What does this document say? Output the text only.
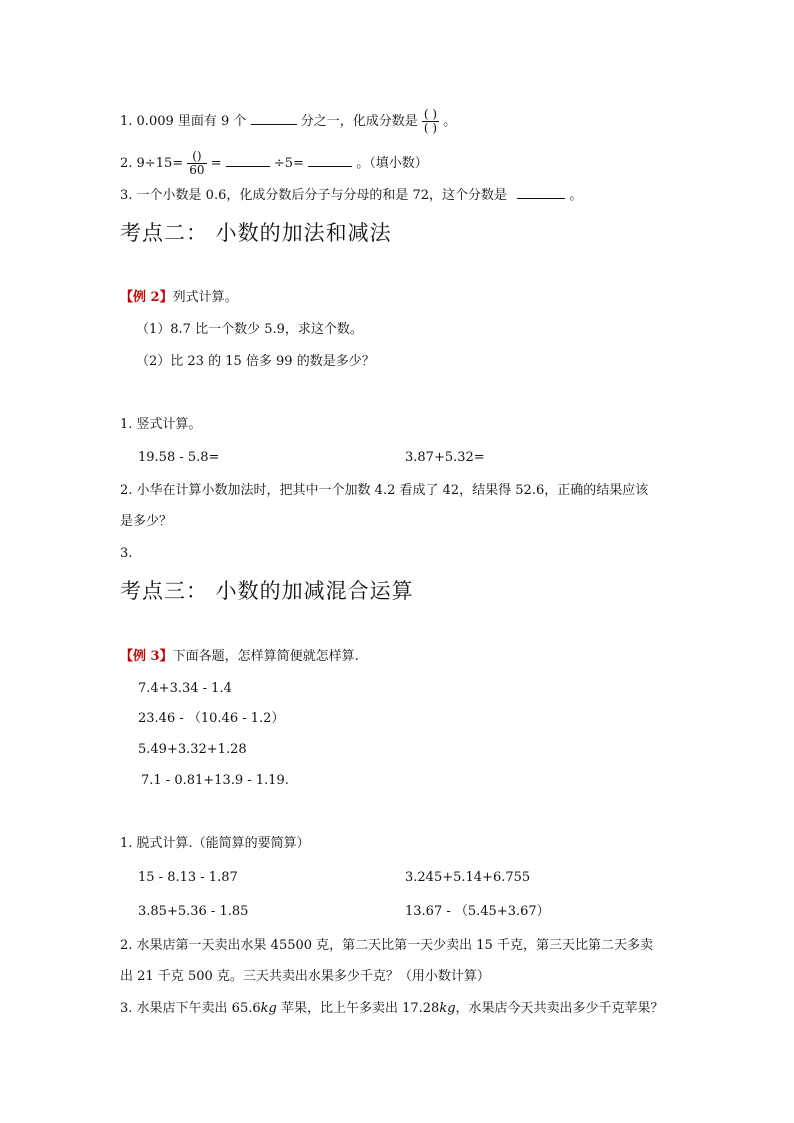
1. 0.009 里面有 9 个	分之一，化成分数是 $\frac{( )}{( )}$ 。
2. $9\div 15= \frac{()}{60}$ =	÷5=	。（填小数）
3. 一个小数是 0.6，化成分数后分子与分母的和是 72，这个分数是	。
考点二： 小数的加法和减法
【例 2】列式计算。
（1）8.7 比一个数少 5.9，求这个数。
（2）比 23 的 15 倍多 99 的数是多少？
1. 竖式计算。
19.58 - 5.8=	3.87+5.32=
2. 小华在计算小数加法时，把其中一个加数 4.2 看成了 42，结果得 52.6，正确的结果应该
是多少？
3.
考点三： 小数的加减混合运算
【例 3】下面各题，怎样算简便就怎样算.
7.4+3.34 - 1.4
23.46 - （10.46 - 1.2）
5.49+3.32+1.28
7.1 - 0.81+13.9 - 1.19.
1. 脱式计算.（能简算的要简算）
15 - 8.13 - 1.87	3.245+5.14+6.755
3.85+5.36 - 1.85	13.67 - （5.45+3.67）
2. 水果店第一天卖出水果 45500 克，第二天比第一天少卖出 15 千克，第三天比第二天多卖
出 21 千克 500 克。三天共卖出水果多少千克？（用小数计算）
3. 水果店下午卖出 65.6kg 苹果，比上午多卖出 17.28kg，水果店今天共卖出多少千克苹果？
